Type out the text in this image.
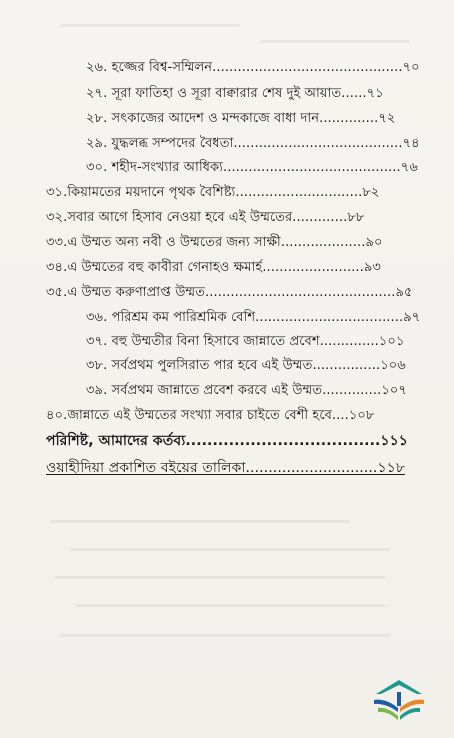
২৬. হজ্জের বিশ্ব-সম্মিলন.............................................৭০
২৭. সূরা ফাতিহা ও সূরা বাক্বারার শেষ দুই আয়াত......৭১
২৮. সৎকাজের আদেশ ও মন্দকাজে বাধা দান..............৭২
২৯. যুদ্ধলব্ধ সম্পদের বৈধতা........................................৭৪
৩০. শহীদ-সংখ্যার আধিক্য..........................................৭৬
৩১.কিয়ামতের ময়দানে পৃথক বৈশিষ্ট্য..............................৮২
৩২.সবার আগে হিসাব নেওয়া হবে এই উম্মতের.............৮৮
৩৩.এ উম্মত অন্য নবী ও উম্মতের জন্য সাক্ষী....................৯০
৩৪.এ উম্মতের বহু কাবীরা গেনাহও ক্ষমার্হ........................৯৩
৩৫.এ উম্মত করুণাপ্রাপ্ত উম্মত.............................................৯৫
৩৬. পরিশ্রম কম পারিশ্রমিক বেশি...................................৯৭
৩৭. বহু উম্মতীর বিনা হিসাবে জান্নাতে প্রবেশ..............১০১
৩৮. সর্বপ্রথম পুলসিরাত পার হবে এই উম্মত................১০৬
৩৯. সর্বপ্রথম জান্নাতে প্রবেশ করবে এই উম্মত..............১০৭
৪০.জান্নাতে এই উম্মতের সংখ্যা সবার চাইতে বেশী হবে....১০৮
পরিশিষ্ট, আমাদের কর্তব্য....................................১১১
ওয়াহীদিয়া প্রকাশিত বইয়ের তালিকা.............................১১৮
